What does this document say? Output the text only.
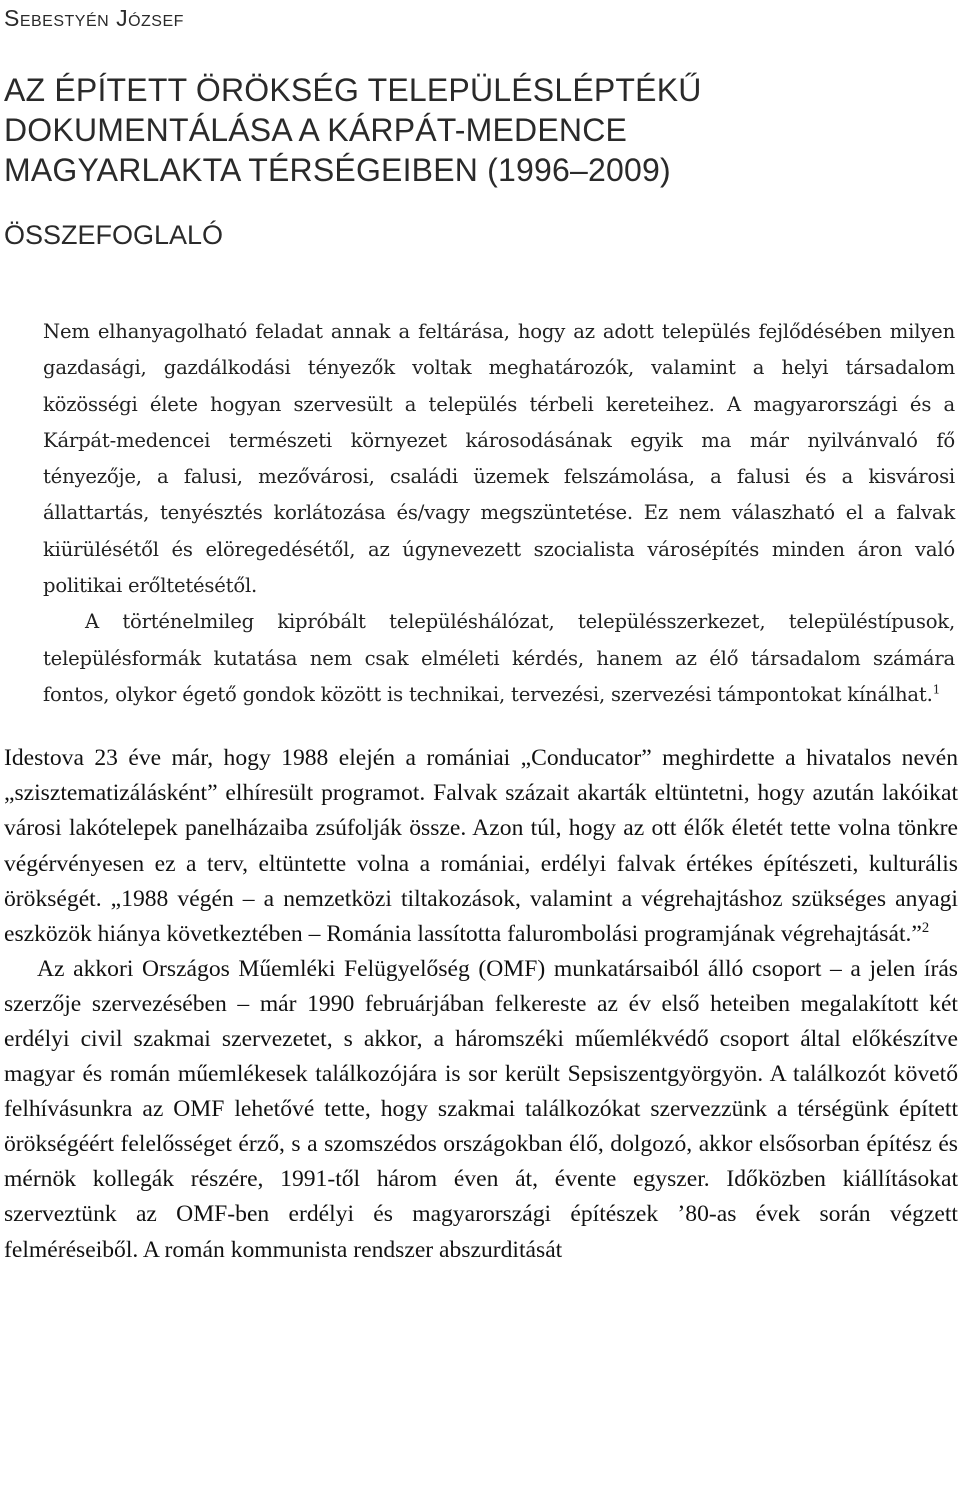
Sebestyén József
AZ ÉPÍTETT ÖRÖKSÉG TELEPÜLÉSLÉPTÉKŰ
DOKUMENTÁLÁSA A KÁRPÁT-MEDENCE
MAGYARLAKTA TÉRSÉGEIBEN (1996–2009)
ÖSSZEFOGLALÓ

Nem elhanyagolható feladat annak a feltárása, hogy az adott település fejlődésében milyen gazdasági, gazdálkodási tényezők voltak meghatározók, valamint a helyi társadalom közösségi élete hogyan szervesült a település térbeli kereteihez. A magyarországi és a Kárpát-medencei természeti környezet károsodásának egyik ma már nyilvánvaló fő tényezője, a falusi, mezővárosi, családi üzemek felszámolása, a falusi és a kisvárosi állattartás, tenyésztés korlátozása és/vagy megszüntetése. Ez nem válaszható el a falvak kiürülésétől és elöregedésétől, az úgynevezett szocialista városépítés minden áron való politikai erőltetésétől.

A történelmileg kipróbált településhálózat, településszerkezet, településtípusok, településformák kutatása nem csak elméleti kérdés, hanem az élő társadalom számára fontos, olykor égető gondok között is technikai, tervezési, szervezési támpontokat kínálhat.$^1$

Idestova 23 éve már, hogy 1988 elején a romániai „Conducator” meghirdette a hivatalos nevén „szisztematizálásként” elhíresült programot. Falvak százait akarták eltüntetni, hogy azután lakóikat városi lakótelepek panelházaiba zsúfolják össze. Azon túl, hogy az ott élők életét tette volna tönkre végérvényesen ez a terv, eltüntette volna a romániai, erdélyi falvak értékes építészeti, kulturális örökségét. „1988 végén – a nemzetközi tiltakozások, valamint a végrehajtáshoz szükséges anyagi eszközök hiánya következtében – Románia lassította falurombolási programjának végrehajtását.”$^2$

Az akkori Országos Műemléki Felügyelőség (OMF) munkatársaiból álló csoport – a jelen írás szerzője szervezésében – már 1990 februárjában felkereste az év első heteiben megalakított két erdélyi civil szakmai szervezetet, s akkor, a háromszéki műemlékvédő csoport által előkészítve magyar és román műemlékesek találkozójára is sor került Sepsiszentgyörgyön. A találkozót követő felhívásunkra az OMF lehetővé tette, hogy szakmai találkozókat szervezzünk a térségünk épített örökségéért felelősséget érző, s a szomszédos országokban élő, dolgozó, akkor elsősorban építész és mérnök kollegák részére, 1991-től három éven át, évente egyszer. Időközben kiállításokat szerveztünk az OMF-ben erdélyi és magyarországi építészek ’80-as évek során végzett felméréseiből. A román kommunista rendszer abszurditását
